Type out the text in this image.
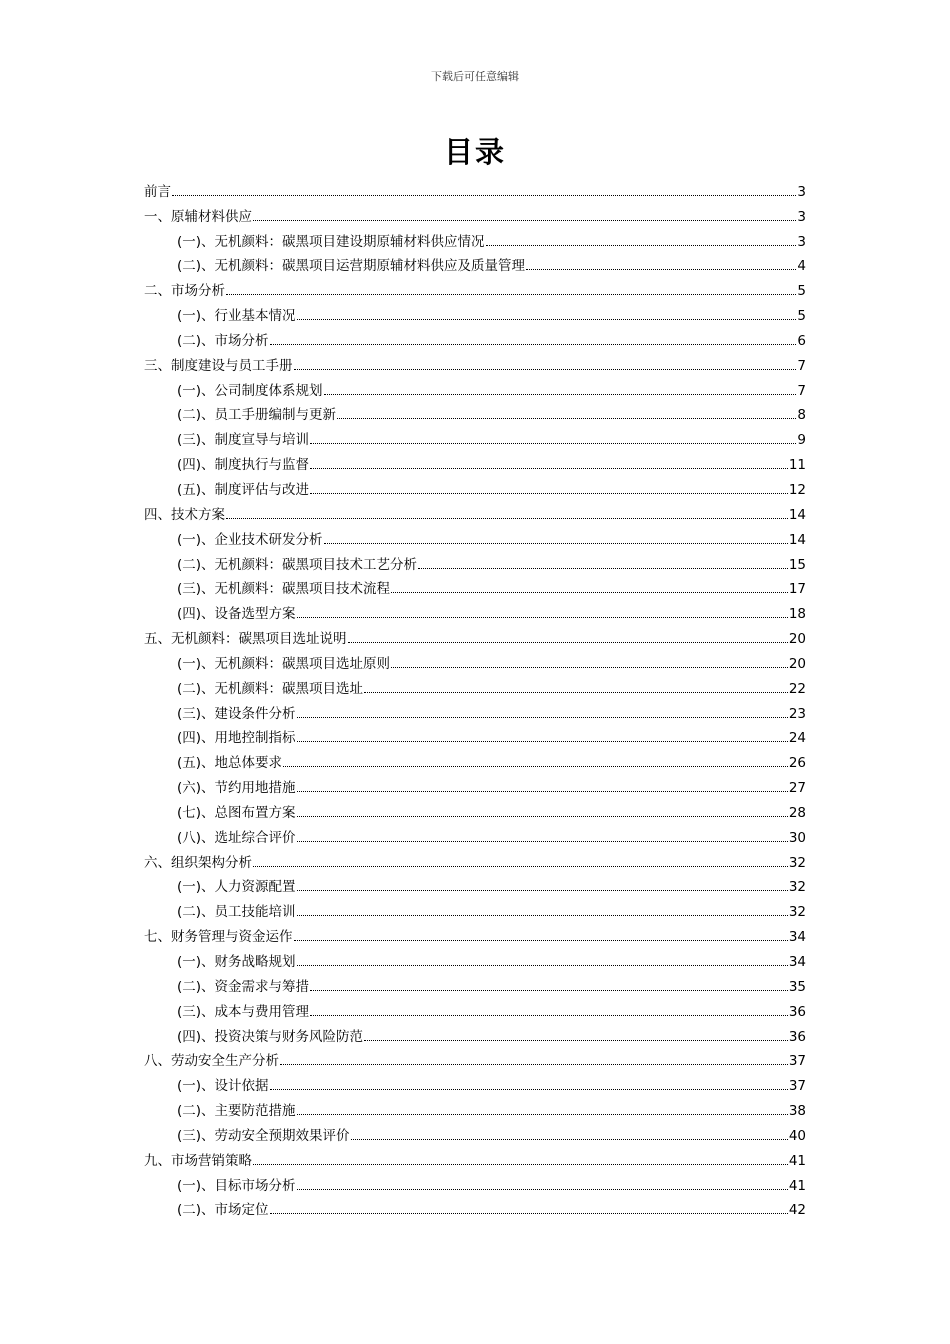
下载后可任意编辑
目录
前言	3
一、原辅材料供应	3
(一)、无机颜料：碳黑项目建设期原辅材料供应情况	3
(二)、无机颜料：碳黑项目运营期原辅材料供应及质量管理	4
二、市场分析	5
(一)、行业基本情况	5
(二)、市场分析	6
三、制度建设与员工手册	7
(一)、公司制度体系规划	7
(二)、员工手册编制与更新	8
(三)、制度宣导与培训	9
(四)、制度执行与监督	11
(五)、制度评估与改进	12
四、技术方案	14
(一)、企业技术研发分析	14
(二)、无机颜料：碳黑项目技术工艺分析	15
(三)、无机颜料：碳黑项目技术流程	17
(四)、设备选型方案	18
五、无机颜料：碳黑项目选址说明	20
(一)、无机颜料：碳黑项目选址原则	20
(二)、无机颜料：碳黑项目选址	22
(三)、建设条件分析	23
(四)、用地控制指标	24
(五)、地总体要求	26
(六)、节约用地措施	27
(七)、总图布置方案	28
(八)、选址综合评价	30
六、组织架构分析	32
(一)、人力资源配置	32
(二)、员工技能培训	32
七、财务管理与资金运作	34
(一)、财务战略规划	34
(二)、资金需求与筹措	35
(三)、成本与费用管理	36
(四)、投资决策与财务风险防范	36
八、劳动安全生产分析	37
(一)、设计依据	37
(二)、主要防范措施	38
(三)、劳动安全预期效果评价	40
九、市场营销策略	41
(一)、目标市场分析	41
(二)、市场定位	42
